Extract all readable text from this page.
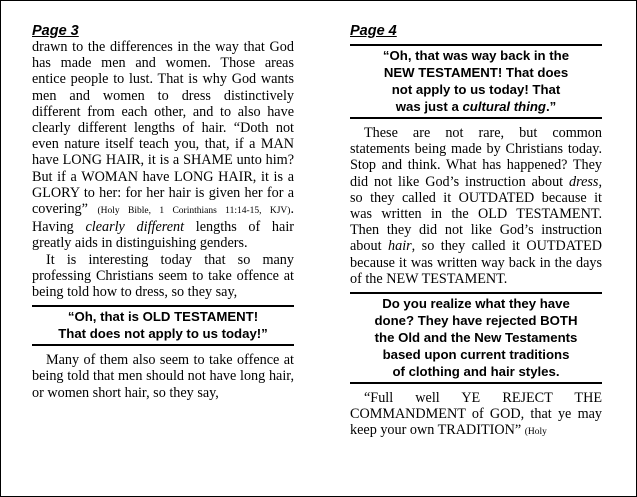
Page 3

drawn to the differences in the way that God has made men and women. Those areas entice people to lust. That is why God wants men and women to dress distinctively different from each other, and to also have clearly different lengths of hair. “Doth not even nature itself teach you, that, if a MAN have LONG HAIR, it is a SHAME unto him? But if a WOMAN have LONG HAIR, it is a GLORY to her: for her hair is given her for a covering” (Holy Bible, 1 Corinthians 11:14-15, KJV). Having clearly different lengths of hair greatly aids in distinguishing genders.

It is interesting today that so many professing Christians seem to take offence at being told how to dress, so they say,

“Oh, that is OLD TESTAMENT!
That does not apply to us today!”

Many of them also seem to take offence at being told that men should not have long hair, or women short hair, so they say,

Page 4
“Oh, that was way back in the
NEW TESTAMENT! That does
not apply to us today! That
was just a cultural thing.”

These are not rare, but common statements being made by Christians today. Stop and think. What has happened? They did not like God’s instruction about dress, so they called it OUTDATED because it was written in the OLD TESTAMENT. Then they did not like God’s instruction about hair, so they called it OUTDATED because it was written way back in the days of the NEW TESTAMENT.

Do you realize what they have
done? They have rejected BOTH
the Old and the New Testaments
based upon current traditions
of clothing and hair styles.

“Full well YE REJECT THE COMMANDMENT of GOD, that ye may keep your own TRADITION” (Holy
